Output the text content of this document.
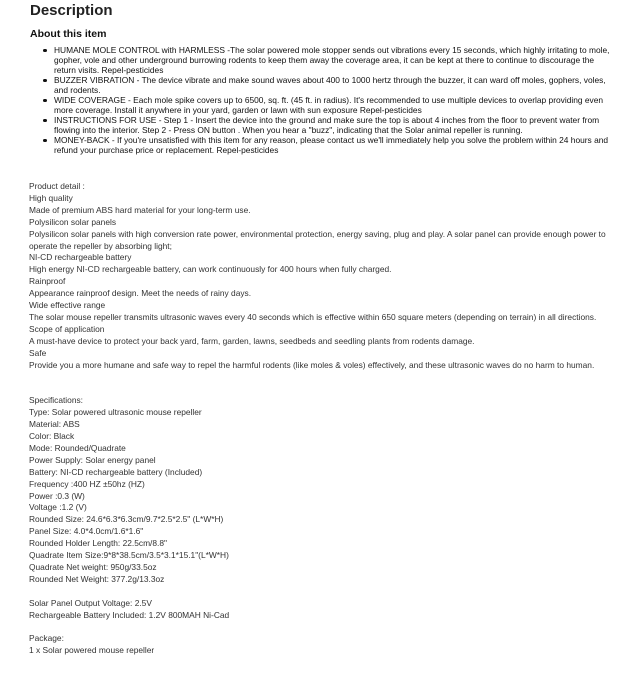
Description
About this item
HUMANE MOLE CONTROL with HARMLESS -The solar powered mole stopper sends out vibrations every 15 seconds, which highly irritating to mole, gopher, vole and other underground burrowing rodents to keep them away the coverage area, it can be kept at there to continue to discourage the return visits. Repel-pesticides
BUZZER VIBRATION - The device vibrate and make sound waves about 400 to 1000 hertz through the buzzer, it can ward off moles, gophers, voles, and rodents.
WIDE COVERAGE - Each mole spike covers up to 6500, sq. ft. (45 ft. in radius). It's recommended to use multiple devices to overlap providing even more coverage. Install it anywhere in your yard, garden or lawn with sun exposure Repel-pesticides
INSTRUCTIONS FOR USE - Step 1 - Insert the device into the ground and make sure the top is about 4 inches from the floor to prevent water from flowing into the interior. Step 2 - Press ON button . When you hear a "buzz", indicating that the Solar animal repeller is running.
MONEY-BACK - If you're unsatisfied with this item for any reason, please contact us we'll immediately help you solve the problem within 24 hours and refund your purchase price or replacement. Repel-pesticides
Product detail :
High quality
Made of premium ABS hard material for your long-term use.
Polysilicon solar panels
Polysilicon solar panels with high conversion rate power, environmental protection, energy saving, plug and play. A solar panel can provide enough power to operate the repeller by absorbing light;
NI-CD rechargeable battery
High energy NI-CD rechargeable battery, can work continuously for 400 hours when fully charged.
Rainproof
Appearance rainproof design. Meet the needs of rainy days.
Wide effective range
The solar mouse repeller transmits ultrasonic waves every 40 seconds which is effective within 650 square meters (depending on terrain) in all directions.
Scope of application
A must-have device to protect your back yard, farm, garden, lawns, seedbeds and seedling plants from rodents damage.
Safe
Provide you a more humane and safe way to repel the harmful rodents (like moles & voles) effectively, and these ultrasonic waves do no harm to human.
Specifications:
Type: Solar powered ultrasonic mouse repeller
Material: ABS
Color: Black
Mode: Rounded/Quadrate
Power Supply: Solar energy panel
Battery: NI-CD rechargeable battery (Included)
Frequency :400 HZ ±50hz (HZ)
Power :0.3 (W)
Voltage :1.2 (V)
Rounded Size: 24.6*6.3*6.3cm/9.7*2.5*2.5" (L*W*H)
Panel Size: 4.0*4.0cm/1.6*1.6"
Rounded Holder Length: 22.5cm/8.8"
Quadrate Item Size:9*8*38.5cm/3.5*3.1*15.1"(L*W*H)
Quadrate Net weight: 950g/33.5oz
Rounded Net Weight: 377.2g/13.3oz
Solar Panel Output Voltage: 2.5V
Rechargeable Battery Included: 1.2V 800MAH Ni-Cad
Package:
1 x Solar powered mouse repeller
